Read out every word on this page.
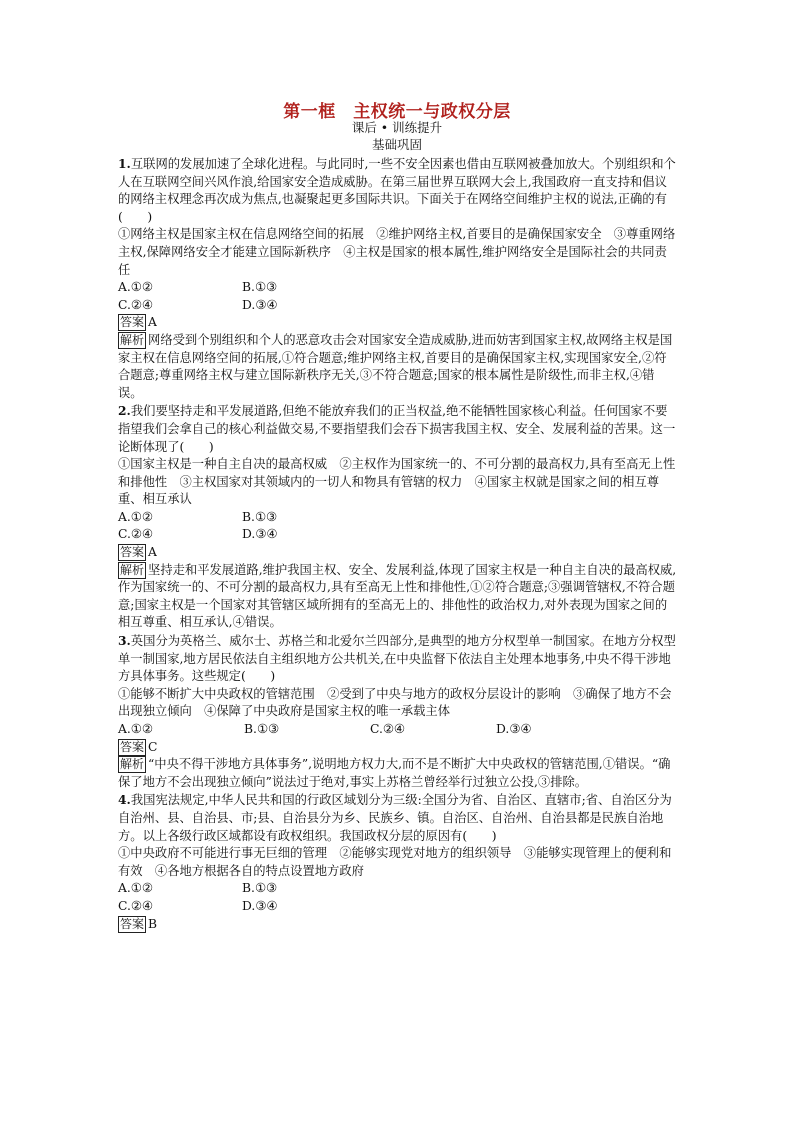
第一框　主权统一与政权分层
课后 • 训练提升
基础巩固

1.互联网的发展加速了全球化进程。与此同时,一些不安全因素也借由互联网被叠加放大。个别组织和个人在互联网空间兴风作浪,给国家安全造成威胁。在第三届世界互联网大会上,我国政府一直支持和倡议的网络主权理念再次成为焦点,也凝聚起更多国际共识。下面关于在网络空间维护主权的说法,正确的有(　　)

①网络主权是国家主权在信息网络空间的拓展　②维护网络主权,首要目的是确保国家安全　③尊重网络主权,保障网络安全才能建立国际新秩序　④主权是国家的根本属性,维护网络安全是国际社会的共同责任

A.①②	B.①③
C.②④	D.③④

答案 A

解析 网络受到个别组织和个人的恶意攻击会对国家安全造成威胁,进而妨害到国家主权,故网络主权是国家主权在信息网络空间的拓展,①符合题意;维护网络主权,首要目的是确保国家主权,实现国家安全,②符合题意;尊重网络主权与建立国际新秩序无关,③不符合题意;国家的根本属性是阶级性,而非主权,④错误。

2.我们要坚持走和平发展道路,但绝不能放弃我们的正当权益,绝不能牺牲国家核心利益。任何国家不要指望我们会拿自己的核心利益做交易,不要指望我们会吞下损害我国主权、安全、发展利益的苦果。这一论断体现了(　　)

①国家主权是一种自主自决的最高权威　②主权作为国家统一的、不可分割的最高权力,具有至高无上性和排他性　③主权国家对其领域内的一切人和物具有管辖的权力　④国家主权就是国家之间的相互尊重、相互承认

A.①②	B.①③
C.②④	D.③④

答案 A

解析 坚持走和平发展道路,维护我国主权、安全、发展利益,体现了国家主权是一种自主自决的最高权威,作为国家统一的、不可分割的最高权力,具有至高无上性和排他性,①②符合题意;③强调管辖权,不符合题意;国家主权是一个国家对其管辖区域所拥有的至高无上的、排他性的政治权力,对外表现为国家之间的相互尊重、相互承认,④错误。

3.英国分为英格兰、威尔士、苏格兰和北爱尔兰四部分,是典型的地方分权型单一制国家。在地方分权型单一制国家,地方居民依法自主组织地方公共机关,在中央监督下依法自主处理本地事务,中央不得干涉地方具体事务。这些规定(　　)

①能够不断扩大中央政权的管辖范围　②受到了中央与地方的政权分层设计的影响　③确保了地方不会出现独立倾向　④保障了中央政府是国家主权的唯一承载主体

A.①②	B.①③	C.②④	D.③④

答案 C

解析 “中央不得干涉地方具体事务”,说明地方权力大,而不是不断扩大中央政权的管辖范围,①错误。“确保了地方不会出现独立倾向”说法过于绝对,事实上苏格兰曾经举行过独立公投,③排除。

4.我国宪法规定,中华人民共和国的行政区域划分为三级:全国分为省、自治区、直辖市;省、自治区分为自治州、县、自治县、市;县、自治县分为乡、民族乡、镇。自治区、自治州、自治县都是民族自治地方。以上各级行政区域都设有政权组织。我国政权分层的原因有(　　)

①中央政府不可能进行事无巨细的管理　②能够实现党对地方的组织领导　③能够实现管理上的便利和有效　④各地方根据各自的特点设置地方政府

A.①②	B.①③
C.②④	D.③④

答案 B
